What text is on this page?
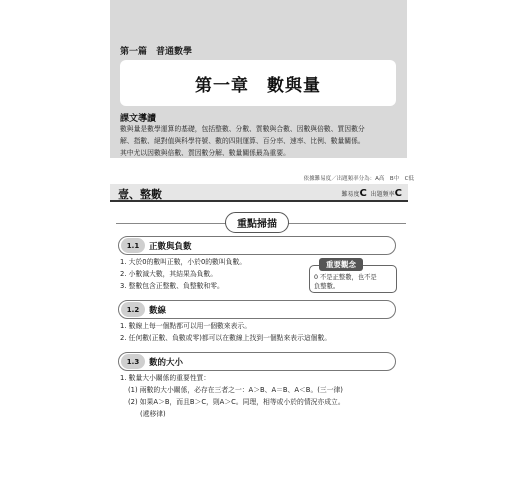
第一篇　普通數學
第一章　數與量
課文導讀
數與量是數學運算的基礎，包括整數、分數、質數與合數、因數與倍數、質因數分
解、指數、絕對值與科學符號、數的四則運算、百分率、速率、比例、數量關係。
其中尤以因數與倍數、質因數分解、數量關係最為重要。
依據難易度／出題頻率分為：A高　B中　C低
壹、整數	難易度C 出題頻率C
重點掃描
1.1	正數與負數
1. 大於0的數叫正數，小於0的數叫負數。
2. 小數減大數，其結果為負數。
3. 整數包含正整數、負整數和零。
重要觀念
0 不是正整數，也不是
負整數。
1.2	數線
1. 數線上每一個點都可以用一個數來表示。
2. 任何數(正數、負數或零)都可以在數線上找到一個點來表示這個數。
1.3	數的大小
1. 數量大小關係的重要性質：
(1) 兩數的大小關係，必存在三者之一：A＞B、A＝B、A＜B。(三一律)
(2) 如果A＞B，而且B＞C，則A＞C。同理，相等或小於的情況亦成立。
(遞移律)
